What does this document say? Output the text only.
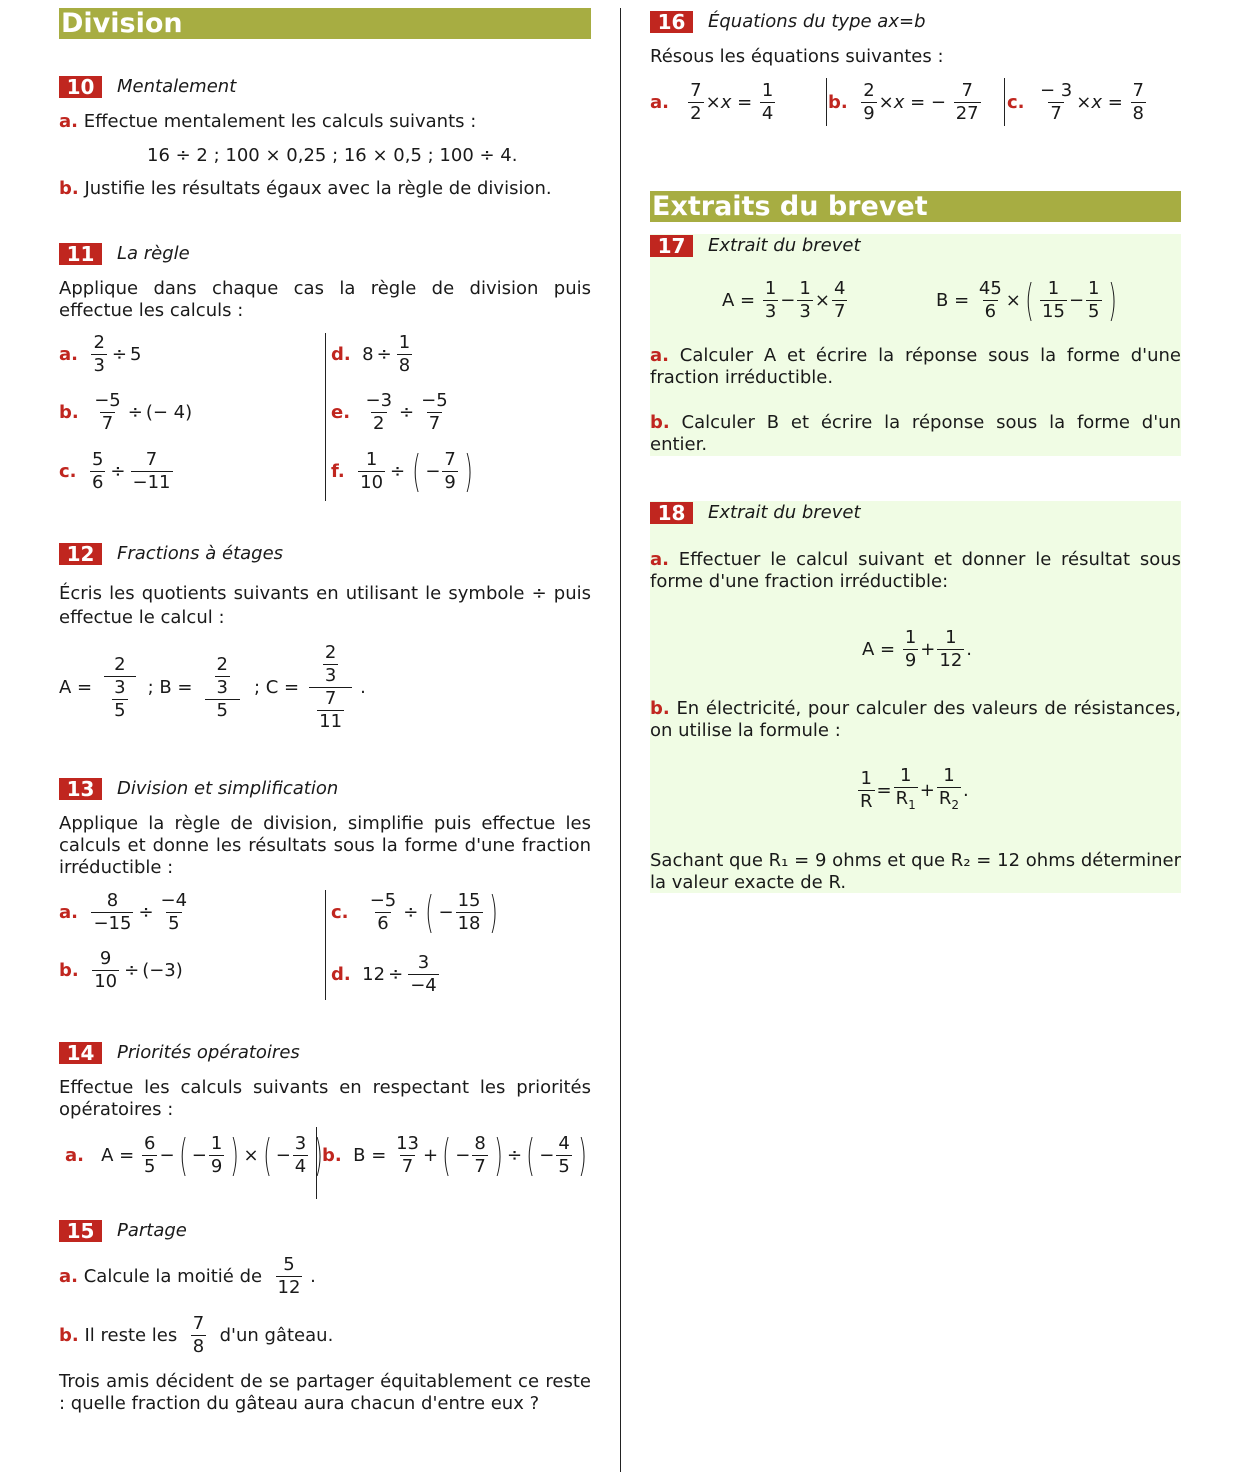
Division
10	Mentalement
a. Effectue mentalement les calculs suivants :
16 ÷ 2 ; 100 × 0,25 ; 16 × 0,5 ; 100 ÷ 4.
b. Justifie les résultats égaux avec la règle de division.
11	La règle
Applique dans chaque cas la règle de division puis effectue les calculs :
a.
$\frac{2}{3} \div 5$
b.
$\frac{-5}{7}$ ÷ (− 4)
c.
$\frac{5}{6} \div \frac{7}{-11}$
d. $8 \div \frac{1}{8}$
e.
$\frac{-3}{2} \div \frac{-5}{7}$
f.
$\frac{1}{10}$ ÷ ( −
7
9 )
12	Fractions à étages
Écris les quotients suivants en utilisant le symbole ÷ puis effectue le calcul :
$A = \frac{2}{\frac{3}{5}}$ ; $B = \frac{\frac{2}{3}}{5}$ ; $C = \frac{\frac{2}{3}}{\frac{7}{11}}$ .
13	Division et simplification
Applique la règle de division, simplifie puis effectue les calculs et donne les résultats sous la forme d'une fraction irréductible :
a.
$\frac{8}{-15} \div \frac{-4}{5}$
b.
$\frac{9}{10} \div (-3)$
c.
$\frac{-5}{6}$ ÷ ( −
15
18 )
d. $12 \div \frac{3}{-4}$
14	Priorités opératoires
Effectue les calculs suivants en respectant les priorités opératoires :
a. A =
6
5
− ( −
1
9 ) × ( −
3
4 )
b. B =
13
7
+ ( −
8
7 ) ÷ ( −
4
5 )
15	Partage
a.
Calcule la moitié de

5
12
.
b.
Il reste les

7
8

d'un gâteau.
Trois amis décident de se partager équitablement ce reste : quelle fraction du gâteau aura chacun d'entre eux ?
16	Équations du type ax=b
Résous les équations suivantes :
a.

7
2
× x =
1
4
b.

2
9
× x = −
7
27
c.

− 3
7
× x =
7
8
Extraits du brevet
17	Extrait du brevet
A =
1
3
−
1
3
×
4
7
B =
45
6
× ( 1
15
−
1
5 )
a. Calculer A et écrire la réponse sous la forme d'une fraction irréductible.
b. Calculer B et écrire la réponse sous la forme d'un entier.
18	Extrait du brevet
a. Effectuer le calcul suivant et donner le résultat sous forme d'une fraction irréductible:
A =
1
9
+
1
12
.
b. En électricité, pour calculer des valeurs de résistances, on utilise la formule :
1
R
=
1
$R_1$
+
1
$R_2$
.
Sachant que R₁ = 9 ohms et que R₂ = 12 ohms déterminer la valeur exacte de R.
